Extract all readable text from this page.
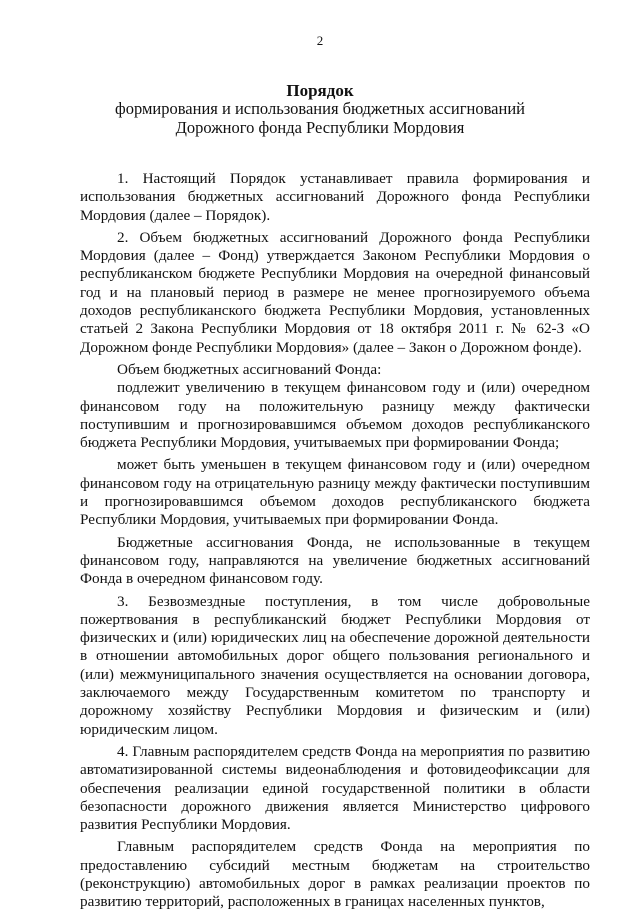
2
Порядок
формирования и использования бюджетных ассигнований
Дорожного фонда Республики Мордовия

1. Настоящий Порядок устанавливает правила формирования и использования бюджетных ассигнований Дорожного фонда Республики Мордовия (далее – Порядок).

2. Объем бюджетных ассигнований Дорожного фонда Республики Мордовия (далее – Фонд) утверждается Законом Республики Мордовия о республиканском бюджете Республики Мордовия на очередной финансовый год и на плановый период в размере не менее прогнозируемого объема доходов республиканского бюджета Республики Мордовия, установленных статьей 2 Закона Республики Мордовия от 18 октября 2011 г. № 62-З «О Дорожном фонде Республики Мордовия» (далее – Закон о Дорожном фонде).

Объем бюджетных ассигнований Фонда:

подлежит увеличению в текущем финансовом году и (или) очередном финансовом году на положительную разницу между фактически поступившим и прогнозировавшимся объемом доходов республиканского бюджета Республики Мордовия, учитываемых при формировании Фонда;

может быть уменьшен в текущем финансовом году и (или) очередном финансовом году на отрицательную разницу между фактически поступившим и прогнозировавшимся объемом доходов республиканского бюджета Республики Мордовия, учитываемых при формировании Фонда.

Бюджетные ассигнования Фонда, не использованные в текущем финансовом году, направляются на увеличение бюджетных ассигнований Фонда в очередном финансовом году.

3. Безвозмездные поступления, в том числе добровольные пожертвования в республиканский бюджет Республики Мордовия от физических и (или) юридических лиц на обеспечение дорожной деятельности в отношении автомобильных дорог общего пользования регионального и (или) межмуниципального значения осуществляется на основании договора, заключаемого между Государственным комитетом по транспорту и дорожному хозяйству Республики Мордовия и физическим и (или) юридическим лицом.

4. Главным распорядителем средств Фонда на мероприятия по развитию автоматизированной системы видеонаблюдения и фотовидеофиксации для обеспечения реализации единой государственной политики в области безопасности дорожного движения является Министерство цифрового развития Республики Мордовия.

Главным распорядителем средств Фонда на мероприятия по предоставлению субсидий местным бюджетам на строительство (реконструкцию) автомобильных дорог в рамках реализации проектов по развитию территорий, расположенных в границах населенных пунктов,
